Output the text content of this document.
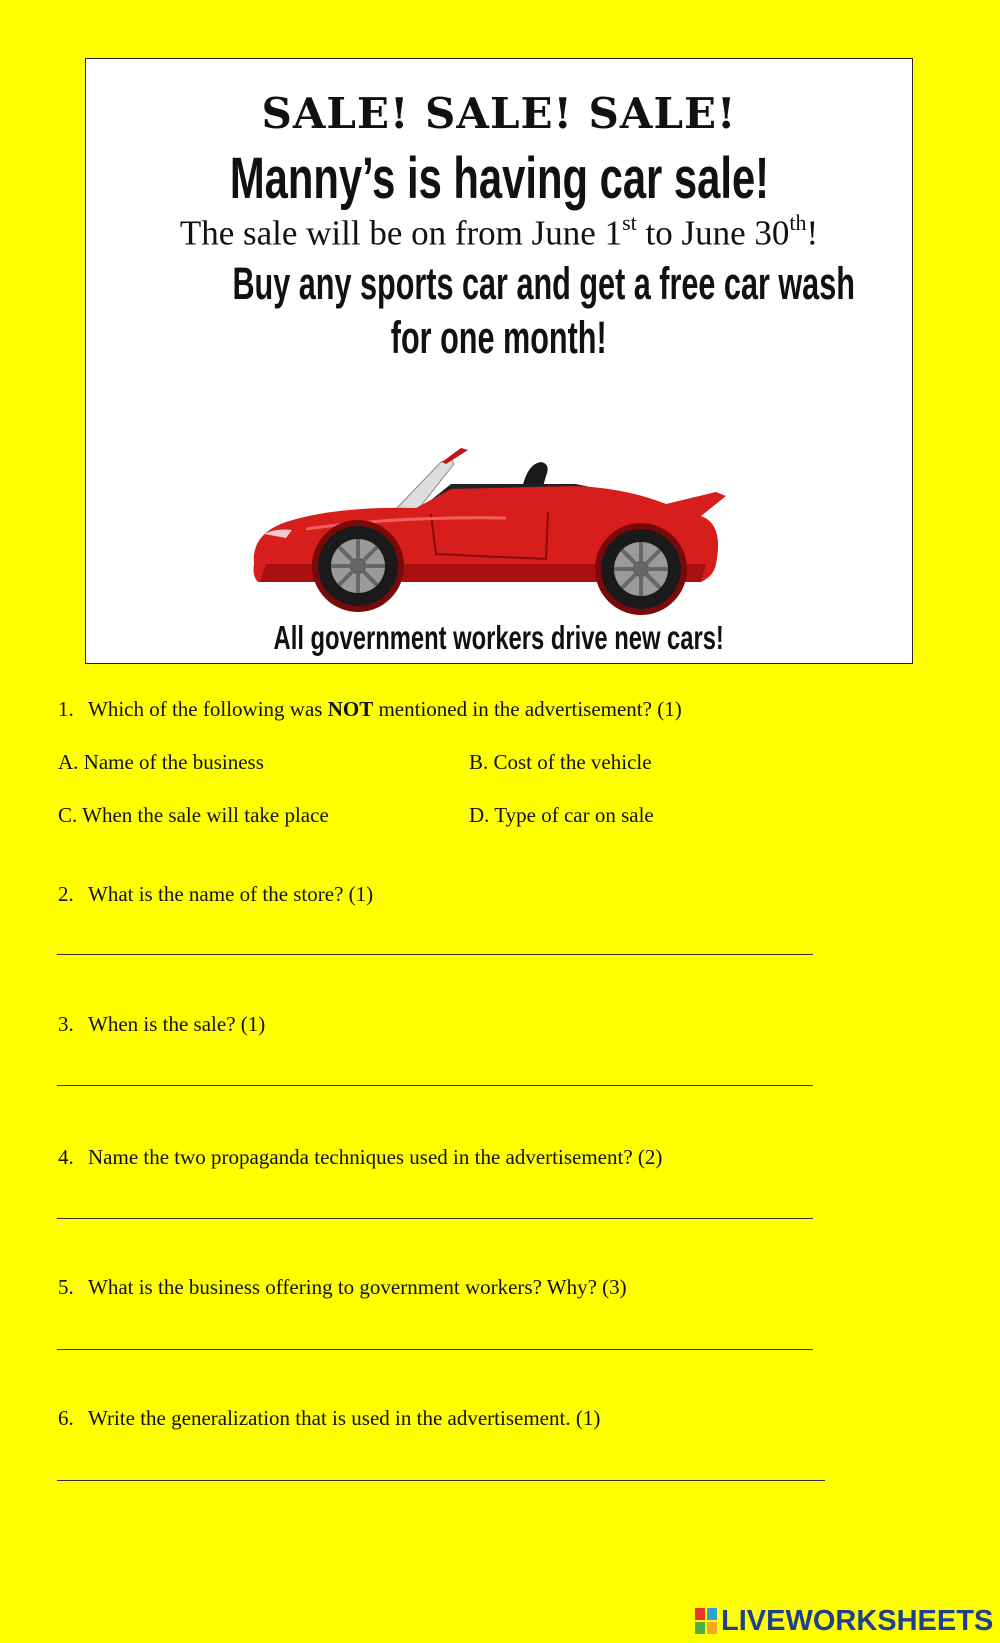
SALE! SALE! SALE!
Manny’s is having car sale!
The sale will be on from June 1st to June 30th!
Buy any sports car and get a free car wash
for one month!
All government workers drive new cars!
1. Which of the following was NOT mentioned in the advertisement? (1)
A. Name of the business	B. Cost of the vehicle
C. When the sale will take place	D. Type of car on sale
2. What is the name of the store? (1)
3. When is the sale? (1)
4. Name the two propaganda techniques used in the advertisement? (2)
5. What is the business offering to government workers? Why? (3)
6. Write the generalization that is used in the advertisement. (1)
LIVEWORKSHEETS
